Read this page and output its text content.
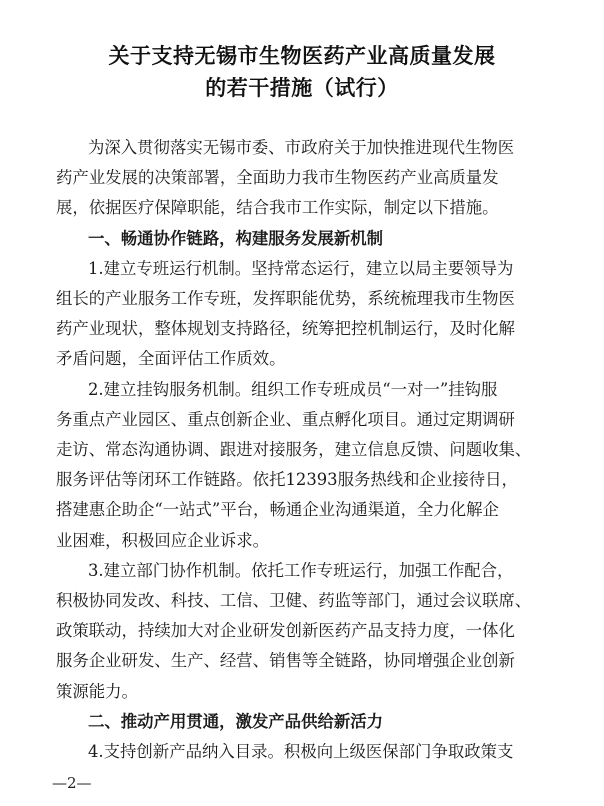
关于支持无锡市生物医药产业高质量发展
的若干措施（试行）
为深入贯彻落实无锡市委、市政府关于加快推进现代生物医
药产业发展的决策部署，全面助力我市生物医药产业高质量发
展，依据医疗保障职能，结合我市工作实际，制定以下措施。
一、畅通协作链路，构建服务发展新机制
1.建立专班运行机制。坚持常态运行，建立以局主要领导为
组长的产业服务工作专班，发挥职能优势，系统梳理我市生物医
药产业现状，整体规划支持路径，统筹把控机制运行，及时化解
矛盾问题，全面评估工作质效。
2.建立挂钩服务机制。组织工作专班成员“一对一”挂钩服
务重点产业园区、重点创新企业、重点孵化项目。通过定期调研
走访、常态沟通协调、跟进对接服务，建立信息反馈、问题收集、
服务评估等闭环工作链路。依托12393服务热线和企业接待日，
搭建惠企助企“一站式”平台，畅通企业沟通渠道，全力化解企
业困难，积极回应企业诉求。
3.建立部门协作机制。依托工作专班运行，加强工作配合，
积极协同发改、科技、工信、卫健、药监等部门，通过会议联席、
政策联动，持续加大对企业研发创新医药产品支持力度，一体化
服务企业研发、生产、经营、销售等全链路，协同增强企业创新
策源能力。
二、推动产用贯通，激发产品供给新活力
4.支持创新产品纳入目录。积极向上级医保部门争取政策支
—2—
